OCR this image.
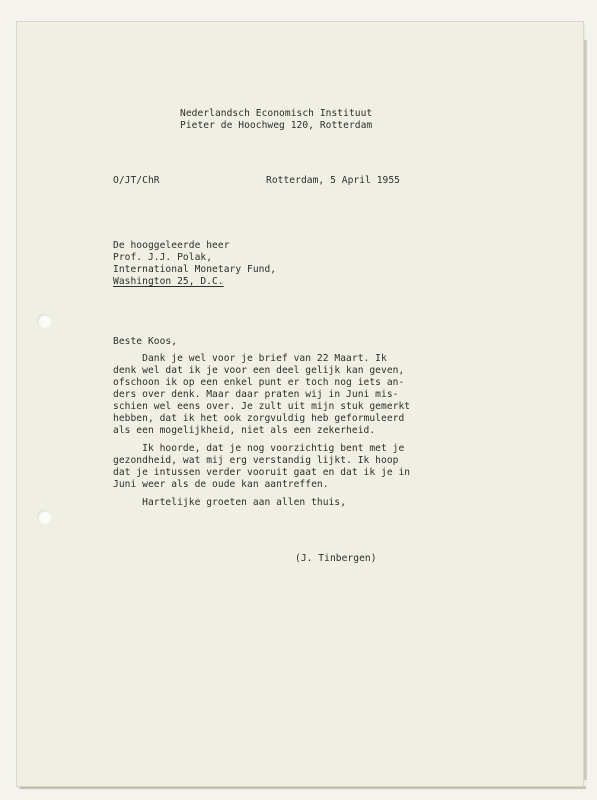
Nederlandsch Economisch Instituut
Pieter de Hoochweg 120, Rotterdam
O/JT/ChR	Rotterdam, 5 April 1955
De hooggeleerde heer
Prof. J.J. Polak,
International Monetary Fund,
Washington 25, D.C.
Beste Koos,
Dank je wel voor je brief van 22 Maart. Ik
denk wel dat ik je voor een deel gelijk kan geven,
ofschoon ik op een enkel punt er toch nog iets an-
ders over denk. Maar daar praten wij in Juni mis-
schien wel eens over. Je zult uit mijn stuk gemerkt
hebben, dat ik het ook zorgvuldig heb geformuleerd
als een mogelijkheid, niet als een zekerheid.
Ik hoorde, dat je nog voorzichtig bent met je
gezondheid, wat mij erg verstandig lijkt. Ik hoop
dat je intussen verder vooruit gaat en dat ik je in
Juni weer als de oude kan aantreffen.
Hartelijke groeten aan allen thuis,
(J. Tinbergen)
